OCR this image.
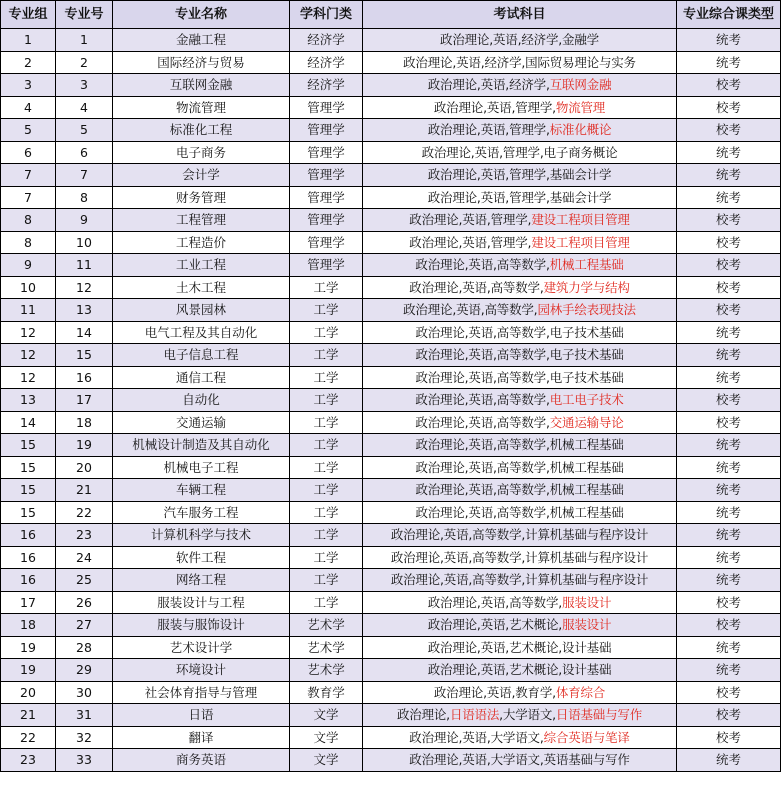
专业组	专业号	专业名称	学科门类	考试科目	专业综合课类型
1	1	金融工程	经济学	政治理论,英语,经济学,金融学	统考
2	2	国际经济与贸易	经济学	政治理论,英语,经济学,国际贸易理论与实务	统考
3	3	互联网金融	经济学	政治理论,英语,经济学,互联网金融	校考
4	4	物流管理	管理学	政治理论,英语,管理学,物流管理	校考
5	5	标准化工程	管理学	政治理论,英语,管理学,标准化概论	校考
6	6	电子商务	管理学	政治理论,英语,管理学,电子商务概论	统考
7	7	会计学	管理学	政治理论,英语,管理学,基础会计学	统考
7	8	财务管理	管理学	政治理论,英语,管理学,基础会计学	统考
8	9	工程管理	管理学	政治理论,英语,管理学,建设工程项目管理	校考
8	10	工程造价	管理学	政治理论,英语,管理学,建设工程项目管理	校考
9	11	工业工程	管理学	政治理论,英语,高等数学,机械工程基础	校考
10	12	土木工程	工学	政治理论,英语,高等数学,建筑力学与结构	校考
11	13	风景园林	工学	政治理论,英语,高等数学,园林手绘表现技法	校考
12	14	电气工程及其自动化	工学	政治理论,英语,高等数学,电子技术基础	统考
12	15	电子信息工程	工学	政治理论,英语,高等数学,电子技术基础	统考
12	16	通信工程	工学	政治理论,英语,高等数学,电子技术基础	统考
13	17	自动化	工学	政治理论,英语,高等数学,电工电子技术	校考
14	18	交通运输	工学	政治理论,英语,高等数学,交通运输导论	校考
15	19	机械设计制造及其自动化	工学	政治理论,英语,高等数学,机械工程基础	统考
15	20	机械电子工程	工学	政治理论,英语,高等数学,机械工程基础	统考
15	21	车辆工程	工学	政治理论,英语,高等数学,机械工程基础	统考
15	22	汽车服务工程	工学	政治理论,英语,高等数学,机械工程基础	统考
16	23	计算机科学与技术	工学	政治理论,英语,高等数学,计算机基础与程序设计	统考
16	24	软件工程	工学	政治理论,英语,高等数学,计算机基础与程序设计	统考
16	25	网络工程	工学	政治理论,英语,高等数学,计算机基础与程序设计	统考
17	26	服装设计与工程	工学	政治理论,英语,高等数学,服装设计	校考
18	27	服装与服饰设计	艺术学	政治理论,英语,艺术概论,服装设计	校考
19	28	艺术设计学	艺术学	政治理论,英语,艺术概论,设计基础	统考
19	29	环境设计	艺术学	政治理论,英语,艺术概论,设计基础	统考
20	30	社会体育指导与管理	教育学	政治理论,英语,教育学,体育综合	校考
21	31	日语	文学	政治理论,日语语法,大学语文,日语基础与写作	校考
22	32	翻译	文学	政治理论,英语,大学语文,综合英语与笔译	校考
23	33	商务英语	文学	政治理论,英语,大学语文,英语基础与写作	统考
